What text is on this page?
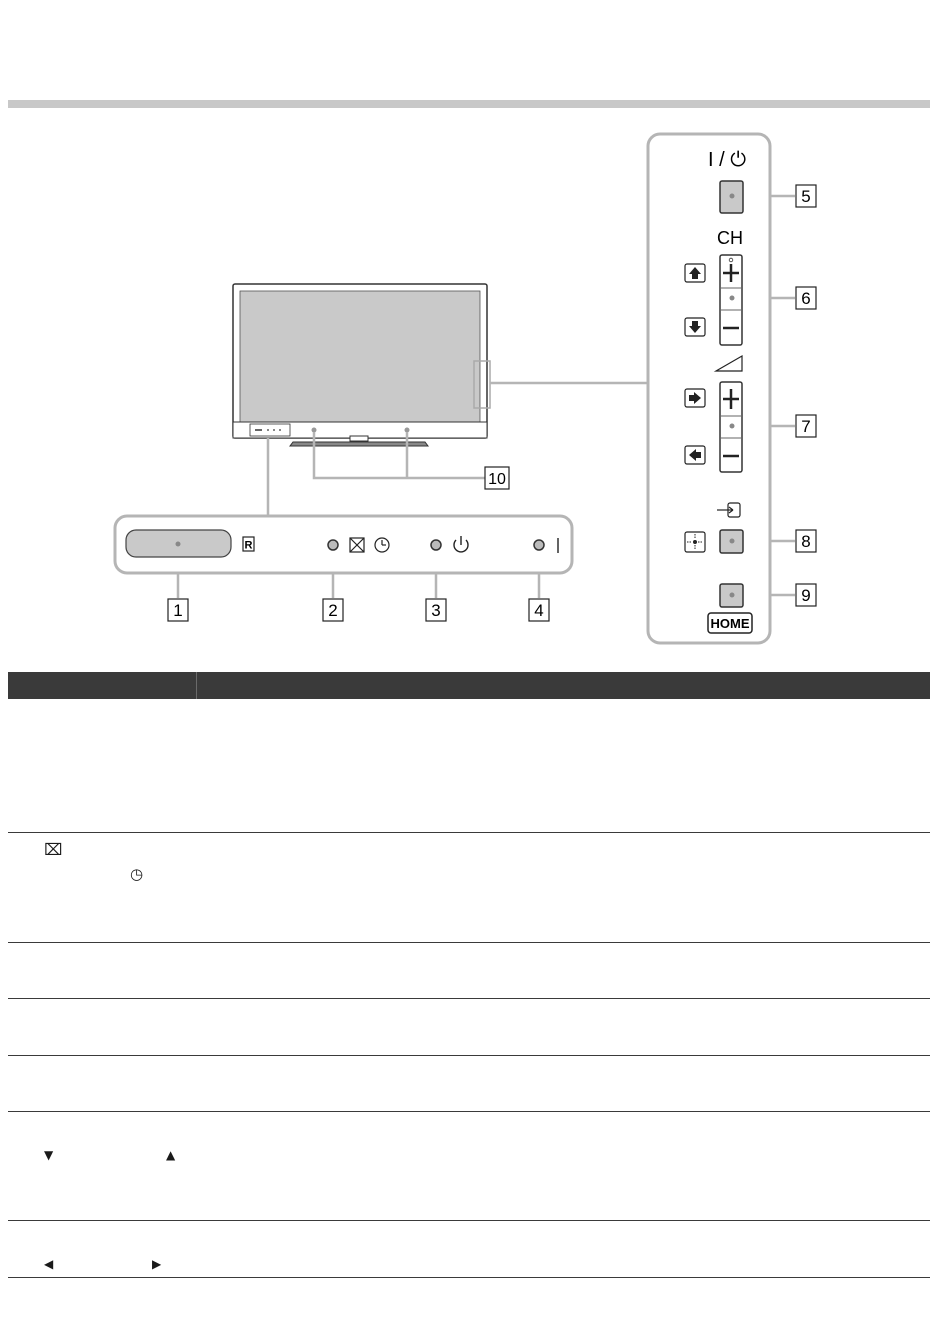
R
I / ⏻
CH
HOME
1	2	3	4
5
6
7
8
9
10
⌧
◷
▼	▲
◀	▶
